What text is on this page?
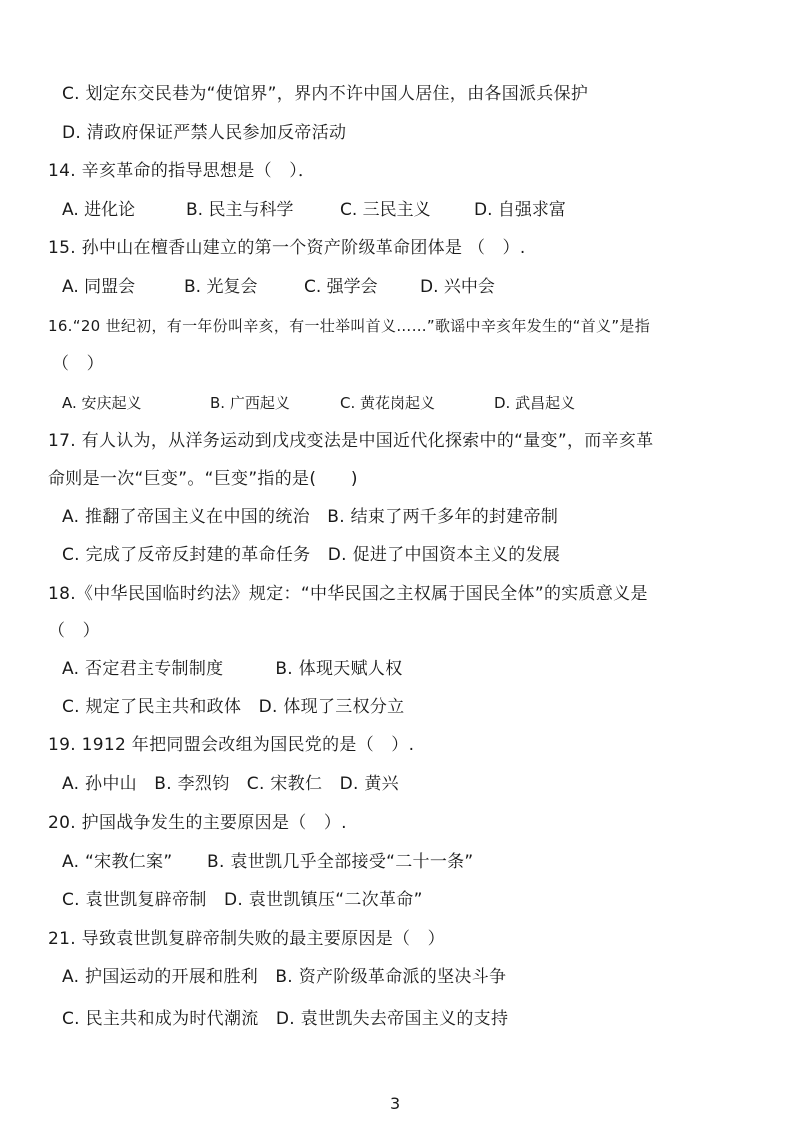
C. 划定东交民巷为“使馆界”，界内不许中国人居住，由各国派兵保护
D. 清政府保证严禁人民参加反帝活动
14. 辛亥革命的指导思想是（　）．
A. 进化论	B. 民主与科学	C. 三民主义	D. 自强求富
15. 孙中山在檀香山建立的第一个资产阶级革命团体是 （　）.
A. 同盟会	B. 光复会	C. 强学会 D. 兴中会
16.“20 世纪初，有一年份叫辛亥，有一壮举叫首义……”歌谣中辛亥年发生的“首义”是指
（　）
A. 安庆起义	B. 广西起义	C. 黄花岗起义	D. 武昌起义
17. 有人认为，从洋务运动到戊戌变法是中国近代化探索中的“量变”，而辛亥革
命则是一次“巨变”。“巨变”指的是(　　)
A. 推翻了帝国主义在中国的统治　B. 结束了两千多年的封建帝制
C. 完成了反帝反封建的革命任务　D. 促进了中国资本主义的发展
18.《中华民国临时约法》规定：“中华民国之主权属于国民全体”的实质意义是
（　）
A. 否定君主专制制度　　　B. 体现天赋人权
C. 规定了民主共和政体　D. 体现了三权分立
19. 1912 年把同盟会改组为国民党的是（　）.
A. 孙中山　B. 李烈钧　C. 宋教仁　D. 黄兴
20. 护国战争发生的主要原因是（　）.
A. “宋教仁案”　　B. 袁世凯几乎全部接受“二十一条”
C. 袁世凯复辟帝制　D. 袁世凯镇压“二次革命”
21. 导致袁世凯复辟帝制失败的最主要原因是（　）
A. 护国运动的开展和胜利　B. 资产阶级革命派的坚决斗争
C. 民主共和成为时代潮流　D. 袁世凯失去帝国主义的支持
3
